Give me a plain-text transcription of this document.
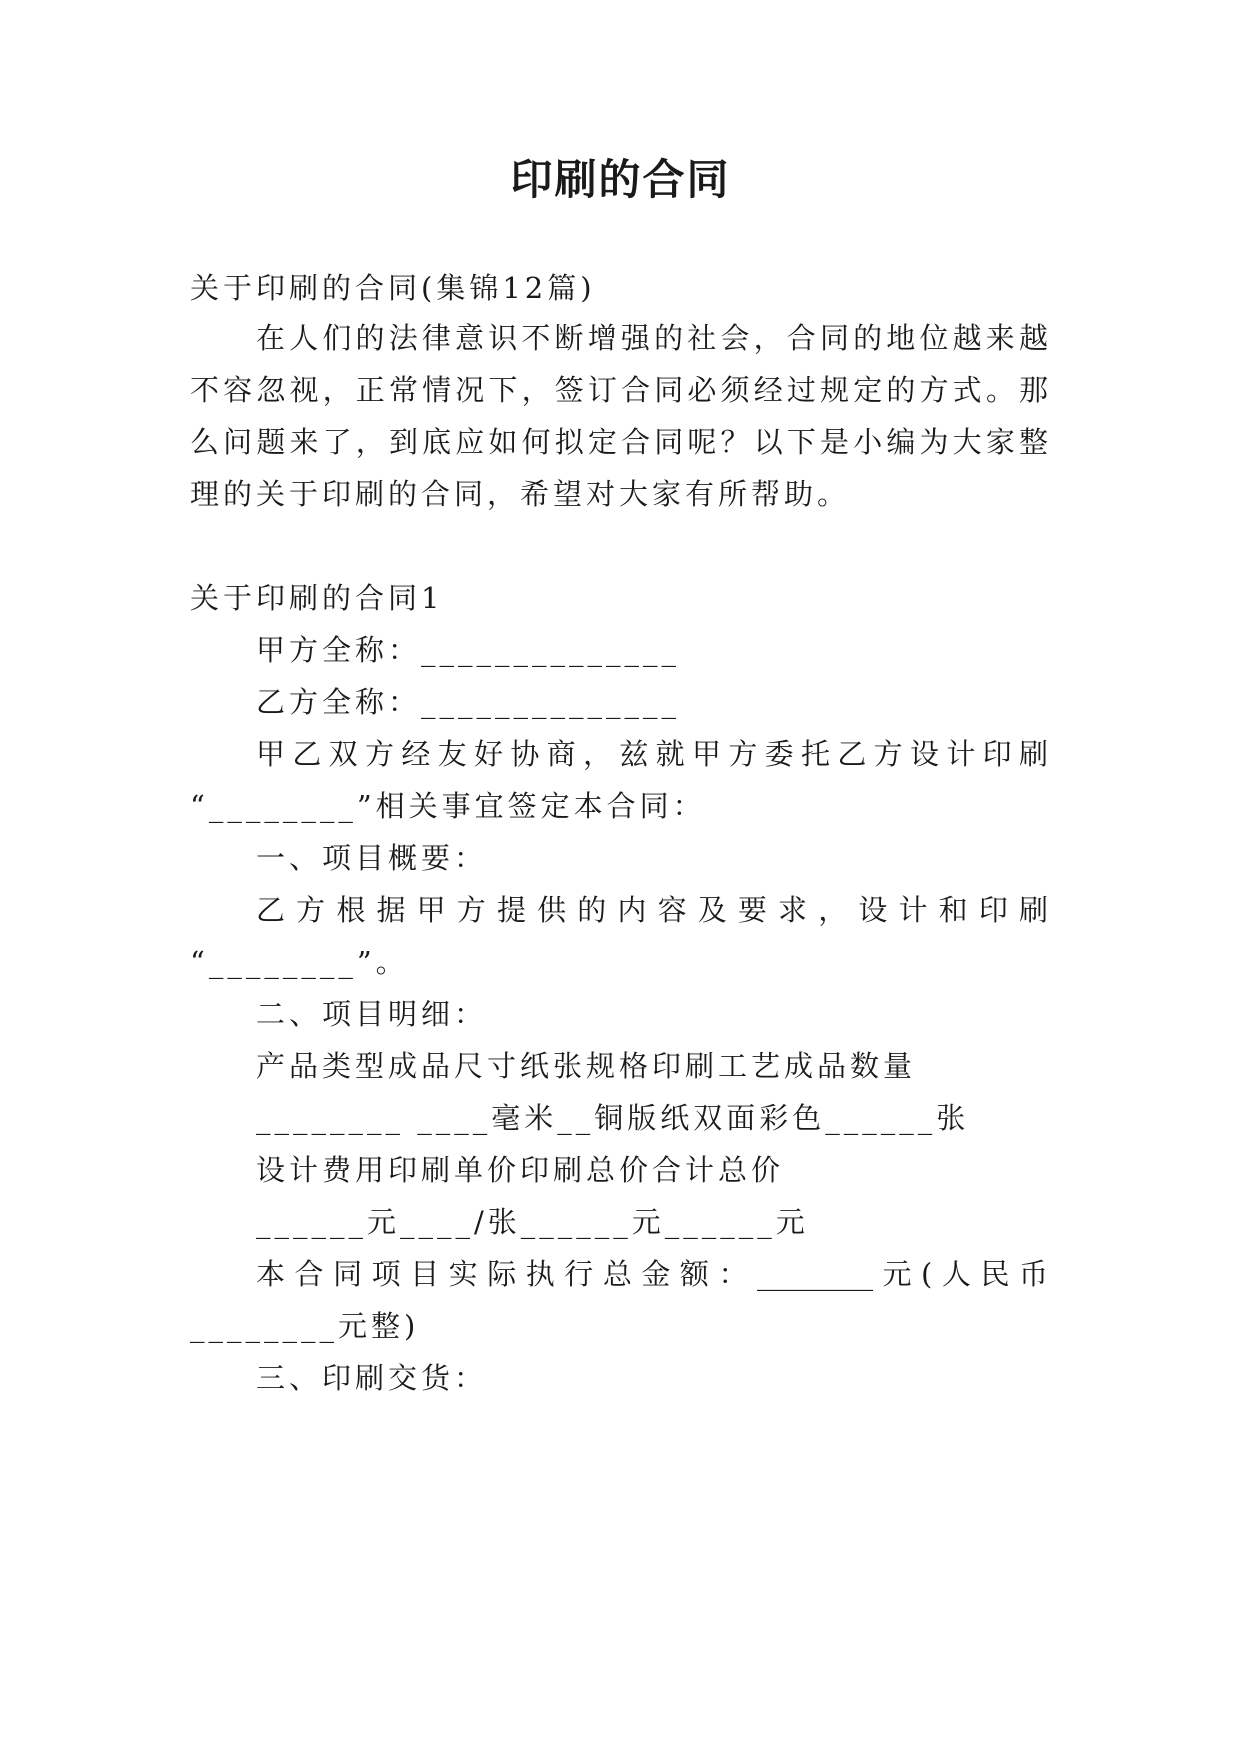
印刷的合同
关于印刷的合同(集锦12篇)
在人们的法律意识不断增强的社会，合同的地位越来越
不容忽视，正常情况下，签订合同必须经过规定的方式。那
么问题来了，到底应如何拟定合同呢？以下是小编为大家整
理的关于印刷的合同，希望对大家有所帮助。
关于印刷的合同1
甲方全称：______________
乙方全称：______________
甲乙双方经友好协商，兹就甲方委托乙方设计印刷
“________”相关事宜签定本合同：
一、项目概要：
乙方根据甲方提供的内容及要求，设计和印刷
“________”。
二、项目明细：
产品类型成品尺寸纸张规格印刷工艺成品数量
________ ____毫米__铜版纸双面彩色______张
设计费用印刷单价印刷总价合计总价
______元____/张______元______元
本合同项目实际执行总金额：________元(人民币
________元整)
三、印刷交货：
